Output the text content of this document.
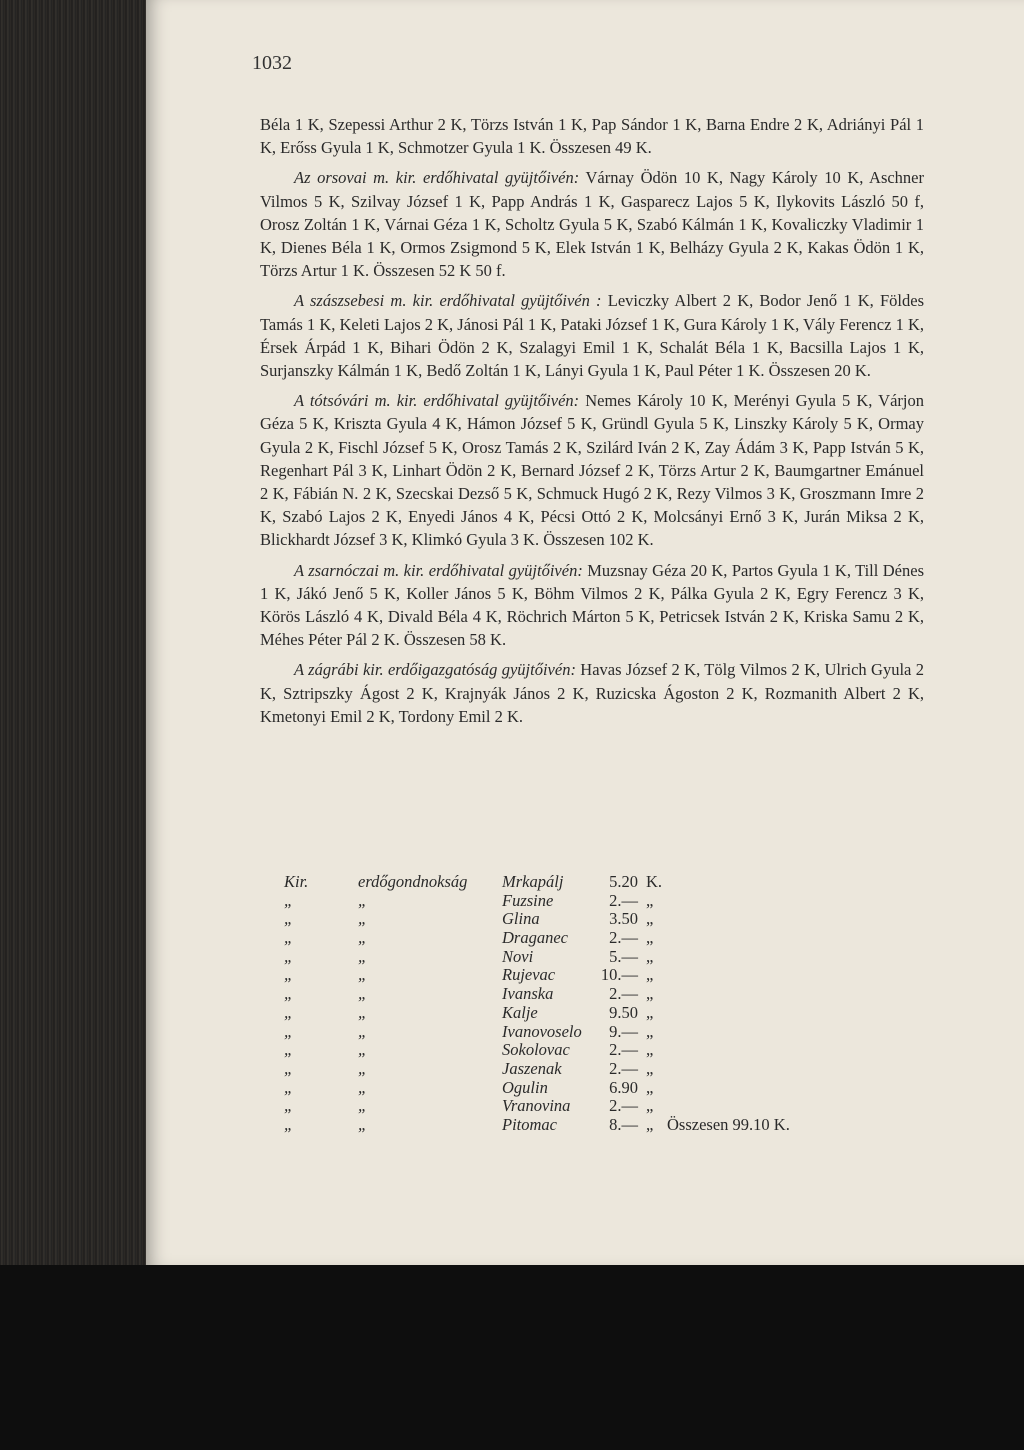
1032

Béla 1 K, Szepessi Arthur 2 K, Törzs István 1 K, Pap Sándor 1 K, Barna Endre 2 K, Adriányi Pál 1 K, Erőss Gyula 1 K, Schmotzer Gyula 1 K. Összesen 49 K.

Az orsovai m. kir. erdőhivatal gyüjtőivén: Várnay Ödön 10 K, Nagy Károly 10 K, Aschner Vilmos 5 K, Szilvay József 1 K, Papp András 1 K, Gasparecz Lajos 5 K, Ilykovits László 50 f, Orosz Zoltán 1 K, Várnai Géza 1 K, Scholtz Gyula 5 K, Szabó Kálmán 1 K, Kovaliczky Vladimir 1 K, Dienes Béla 1 K, Ormos Zsigmond 5 K, Elek István 1 K, Belházy Gyula 2 K, Kakas Ödön 1 K, Törzs Artur 1 K. Összesen 52 K 50 f.

A szászsebesi m. kir. erdőhivatal gyüjtőivén : Leviczky Albert 2 K, Bodor Jenő 1 K, Földes Tamás 1 K, Keleti Lajos 2 K, Jánosi Pál 1 K, Pataki József 1 K, Gura Károly 1 K, Vály Ferencz 1 K, Érsek Árpád 1 K, Bihari Ödön 2 K, Szalagyi Emil 1 K, Schalát Béla 1 K, Bacsilla Lajos 1 K, Surjanszky Kálmán 1 K, Bedő Zoltán 1 K, Lányi Gyula 1 K, Paul Péter 1 K. Összesen 20 K.

A tótsóvári m. kir. erdőhivatal gyüjtőivén: Nemes Károly 10 K, Merényi Gyula 5 K, Várjon Géza 5 K, Kriszta Gyula 4 K, Hámon József 5 K, Gründl Gyula 5 K, Linszky Károly 5 K, Ormay Gyula 2 K, Fischl József 5 K, Orosz Tamás 2 K, Szilárd Iván 2 K, Zay Ádám 3 K, Papp István 5 K, Regenhart Pál 3 K, Linhart Ödön 2 K, Bernard József 2 K, Törzs Artur 2 K, Baumgartner Emánuel 2 K, Fábián N. 2 K, Szecskai Dezső 5 K, Schmuck Hugó 2 K, Rezy Vilmos 3 K, Groszmann Imre 2 K, Szabó Lajos 2 K, Enyedi János 4 K, Pécsi Ottó 2 K, Molcsányi Ernő 3 K, Jurán Miksa 2 K, Blickhardt József 3 K, Klimkó Gyula 3 K. Összesen 102 K.

A zsarnóczai m. kir. erdőhivatal gyüjtőivén: Muzsnay Géza 20 K, Partos Gyula 1 K, Till Dénes 1 K, Jákó Jenő 5 K, Koller János 5 K, Böhm Vilmos 2 K, Pálka Gyula 2 K, Egry Ferencz 3 K, Körös László 4 K, Divald Béla 4 K, Röchrich Márton 5 K, Petricsek István 2 K, Kriska Samu 2 K, Méhes Péter Pál 2 K. Összesen 58 K.

A zágrábi kir. erdőigazgatóság gyüjtőivén: Havas József 2 K, Tölg Vilmos 2 K, Ulrich Gyula 2 K, Sztripszky Ágost 2 K, Krajnyák János 2 K, Ruzicska Ágoston 2 K, Rozmanith Albert 2 K, Kmetonyi Emil 2 K, Tordony Emil 2 K.

Kir.	erdőgondnokság Mrkapálj	5.20 K.
„	„	Fuzsine	2.— „
„	„	Glina	3.50 „
„	„	Draganec	2.— „
„	„	Novi	5.— „
„	„	Rujevac	10.— „
„	„	Ivanska	2.— „
„	„	Kalje	9.50 „
„	„	Ivanovoselo	9.— „
„	„	Sokolovac	2.— „
„	„	Jaszenak	2.— „
„	„	Ogulin	6.90 „
„	„	Vranovina	2.— „
„	„	Pitomac	8.— „ Összesen 99.10 K.
